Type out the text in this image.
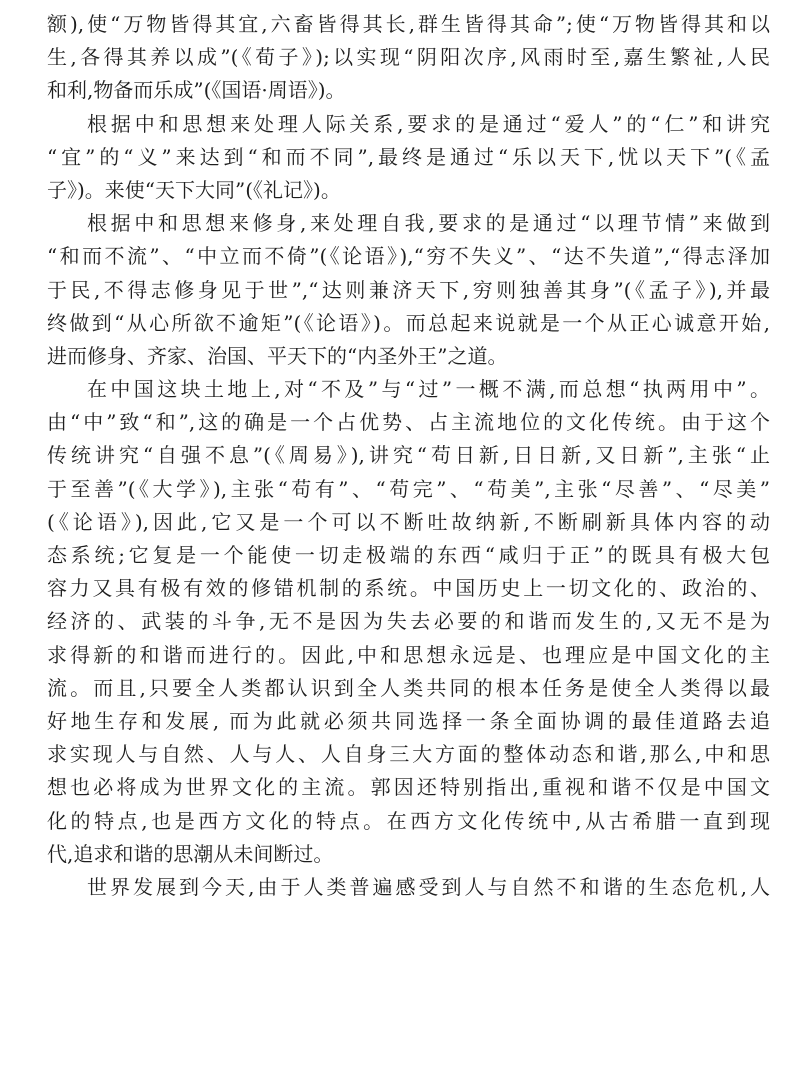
额),使“万物皆得其宜,六畜皆得其长,群生皆得其命”;使“万物皆得其和以
生,各得其养以成”(《荀子》);以实现“阴阳次序,风雨时至,嘉生繁祉,人民
和利,物备而乐成”(《国语·周语》)。
根据中和思想来处理人际关系,要求的是通过“爱人”的“仁”和讲究
“宜”的“义”来达到“和而不同”,最终是通过“乐以天下,忧以天下”(《孟
子》)。来使“天下大同”(《礼记》)。
根据中和思想来修身,来处理自我,要求的是通过“以理节情”来做到
“和而不流”、“中立而不倚”(《论语》),“穷不失义”、“达不失道”,“得志泽加
于民,不得志修身见于世”,“达则兼济天下,穷则独善其身”(《孟子》),并最
终做到“从心所欲不逾矩”(《论语》)。而总起来说就是一个从正心诚意开始,
进而修身、齐家、治国、平天下的“内圣外王”之道。
在中国这块土地上,对“不及”与“过”一概不满,而总想“执两用中”。
由“中”致“和”,这的确是一个占优势、占主流地位的文化传统。由于这个
传统讲究“自强不息”(《周易》),讲究“苟日新,日日新,又日新”,主张“止
于至善”(《大学》),主张“苟有”、“苟完”、“苟美”,主张“尽善”、“尽美”
(《论语》),因此,它又是一个可以不断吐故纳新,不断刷新具体内容的动
态系统;它复是一个能使一切走极端的东西“咸归于正”的既具有极大包
容力又具有极有效的修错机制的系统。中国历史上一切文化的、政治的、
经济的、武装的斗争,无不是因为失去必要的和谐而发生的,又无不是为
求得新的和谐而进行的。因此,中和思想永远是、也理应是中国文化的主
流。而且,只要全人类都认识到全人类共同的根本任务是使全人类得以最
好地生存和发展, 而为此就必须共同选择一条全面协调的最佳道路去追
求实现人与自然、人与人、人自身三大方面的整体动态和谐,那么,中和思
想也必将成为世界文化的主流。郭因还特别指出,重视和谐不仅是中国文
化的特点,也是西方文化的特点。在西方文化传统中,从古希腊一直到现
代,追求和谐的思潮从未间断过。
世界发展到今天,由于人类普遍感受到人与自然不和谐的生态危机,人
